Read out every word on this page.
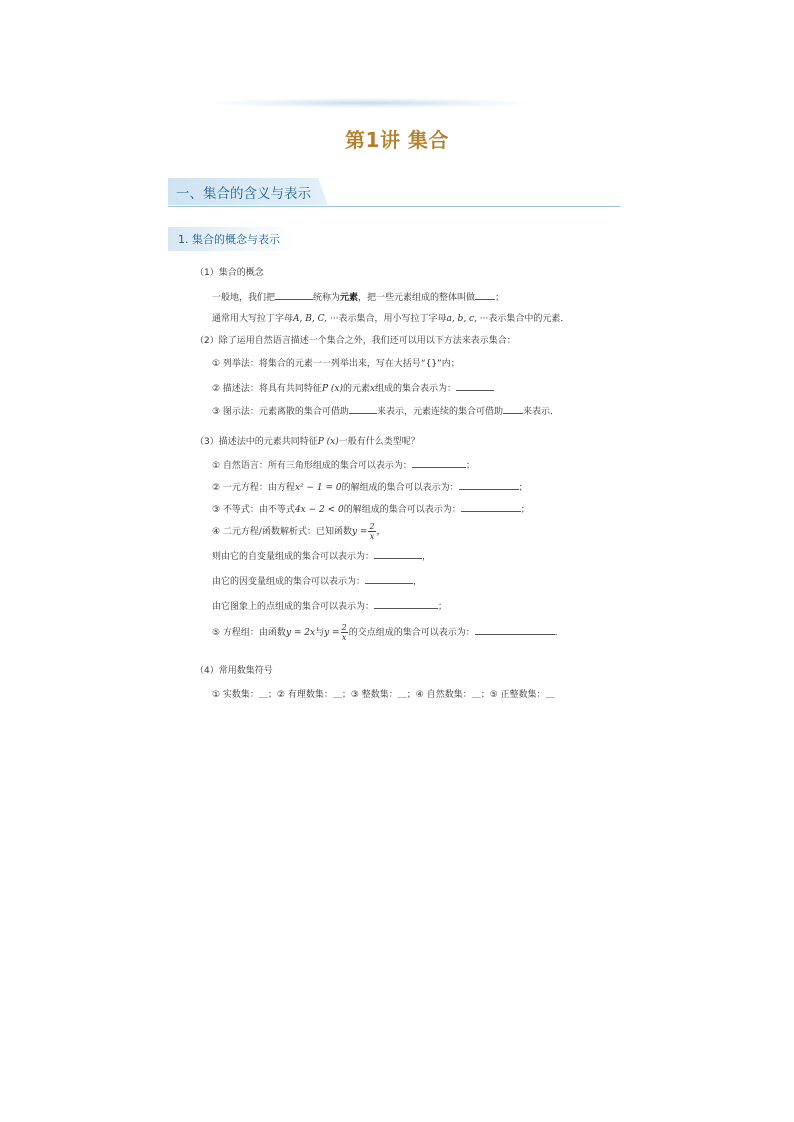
第1讲 集合
一、集合的含义与表示
1. 集合的概念与表示
（1）集合的概念
一般地，我们把	统称为元素，把一些元素组成的整体叫做 ；
通常用大写拉丁字母A, B, C, ···表示集合，用小写拉丁字母a, b, c, ···表示集合中的元素．
（2）除了运用自然语言描述一个集合之外，我们还可以用以下方法来表示集合：
① 列举法：将集合的元素一一列举出来，写在大括号“{}”内；
② 描述法：将具有共同特征P (x)的元素x组成的集合表示为：
③ 图示法：元素离散的集合可借助	来表示，元素连续的集合可借助 来表示．
（3）描述法中的元素共同特征P (x)一般有什么类型呢？
① 自然语言：所有三角形组成的集合可以表示为：	；
② 一元方程：由方程x² − 1 = 0的解组成的集合可以表示为：	；
③ 不等式：由不等式4x − 2 < 0的解组成的集合可以表示为：	；
④ 二元方程/函数解析式：已知函数$y = \frac{2}{x}$ ，
则由它的自变量组成的集合可以表示为：	，
由它的因变量组成的集合可以表示为：	，
由它图象上的点组成的集合可以表示为：	；
⑤ 方程组：由函数y = 2x与$y = \frac{2}{x}$ 的交点组成的集合可以表示为：	．
（4）常用数集符号
① 实数集：＿；② 有理数集：＿；③ 整数集：＿；④ 自然数集：＿；⑤ 正整数集：＿
